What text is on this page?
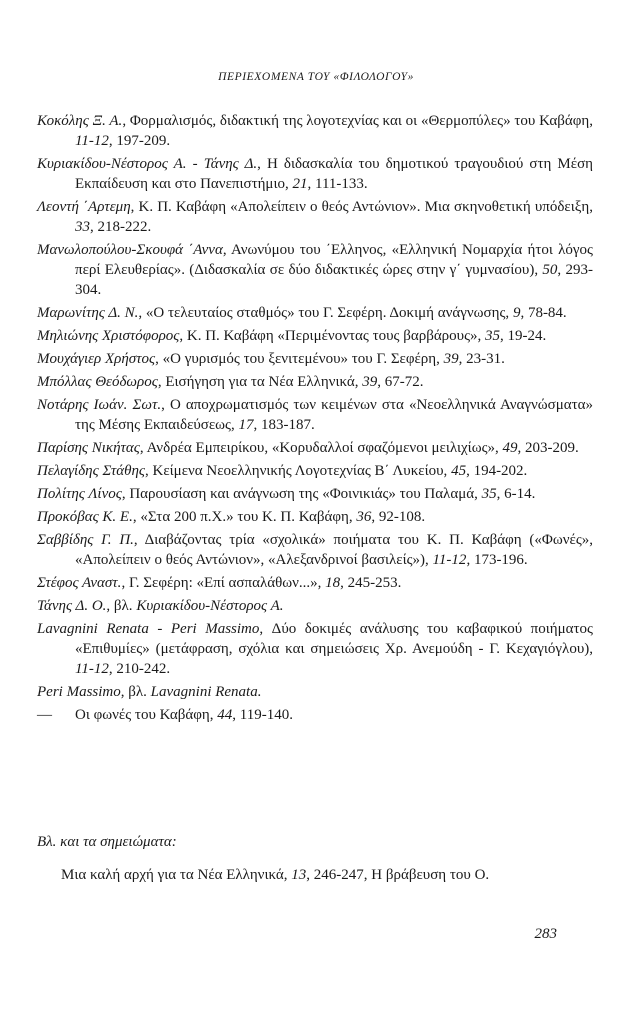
ΠΕΡΙΕΧΟΜΕΝΑ ΤΟΥ «ΦΙΛΟΛΟΓΟΥ»
Κοκόλης Ξ. Α., Φορμαλισμός, διδακτική της λογοτεχνίας και οι «Θερμοπύλες» του Καβάφη, 11-12, 197-209.
Κυριακίδου-Νέστορος Α. - Τάνης Δ., Η διδασκαλία του δημοτικού τραγουδιού στη Μέση Εκπαίδευση και στο Πανεπιστήμιο, 21, 111-133.
Λεοντή ΄Αρτεμη, Κ. Π. Καβάφη «Απολείπειν ο θεός Αντώνιον». Μια σκηνοθετική υπόδειξη, 33, 218-222.
Μανωλοπούλου-Σκουφά ΄Αννα, Ανωνύμου του ΄Ελληνος, «Ελληνική Νομαρχία ήτοι λόγος περί Ελευθερίας». (Διδασκαλία σε δύο διδακτικές ώρες στην γ΄ γυμνασίου), 50, 293-304.
Μαρωνίτης Δ. Ν., «Ο τελευταίος σταθμός» του Γ. Σεφέρη. Δοκιμή ανάγνωσης, 9, 78-84.
Μηλιώνης Χριστόφορος, Κ. Π. Καβάφη «Περιμένοντας τους βαρβάρους», 35, 19-24.
Μουχάγιερ Χρήστος, «Ο γυρισμός του ξενιτεμένου» του Γ. Σεφέρη, 39, 23-31.
Μπόλλας Θεόδωρος, Εισήγηση για τα Νέα Ελληνικά, 39, 67-72.
Νοτάρης Ιωάν. Σωτ., Ο αποχρωματισμός των κειμένων στα «Νεοελληνικά Αναγνώσματα» της Μέσης Εκπαιδεύσεως, 17, 183-187.
Παρίσης Νικήτας, Ανδρέα Εμπειρίκου, «Κορυδαλλοί σφαζόμενοι μειλιχίως», 49, 203-209.
Πελαγίδης Στάθης, Κείμενα Νεοελληνικής Λογοτεχνίας Β΄ Λυκείου, 45, 194-202.
Πολίτης Λίνος, Παρουσίαση και ανάγνωση της «Φοινικιάς» του Παλαμά, 35, 6-14.
Προκόβας Κ. Ε., «Στα 200 π.Χ.» του Κ. Π. Καβάφη, 36, 92-108.
Σαββίδης Γ. Π., Διαβάζοντας τρία «σχολικά» ποιήματα του Κ. Π. Καβάφη («Φωνές», «Απολείπειν ο θεός Αντώνιον», «Αλεξανδρινοί βασιλείς»), 11-12, 173-196.
Στέφος Αναστ., Γ. Σεφέρη: «Επί ασπαλάθων...», 18, 245-253.
Τάνης Δ. Ο., βλ. Κυριακίδου-Νέστορος Α.
Lavagnini Renata - Peri Massimo, Δύο δοκιμές ανάλυσης του καβαφικού ποιήματος «Επιθυμίες» (μετάφραση, σχόλια και σημειώσεις Χρ. Ανεμούδη - Γ. Κεχαγιόγλου), 11-12, 210-242.
Peri Massimo, βλ. Lavagnini Renata.
— Οι φωνές του Καβάφη, 44, 119-140.
Βλ. και τα σημειώματα:
Μια καλή αρχή για τα Νέα Ελληνικά, 13, 246-247, Η βράβευση του Ο.
283
